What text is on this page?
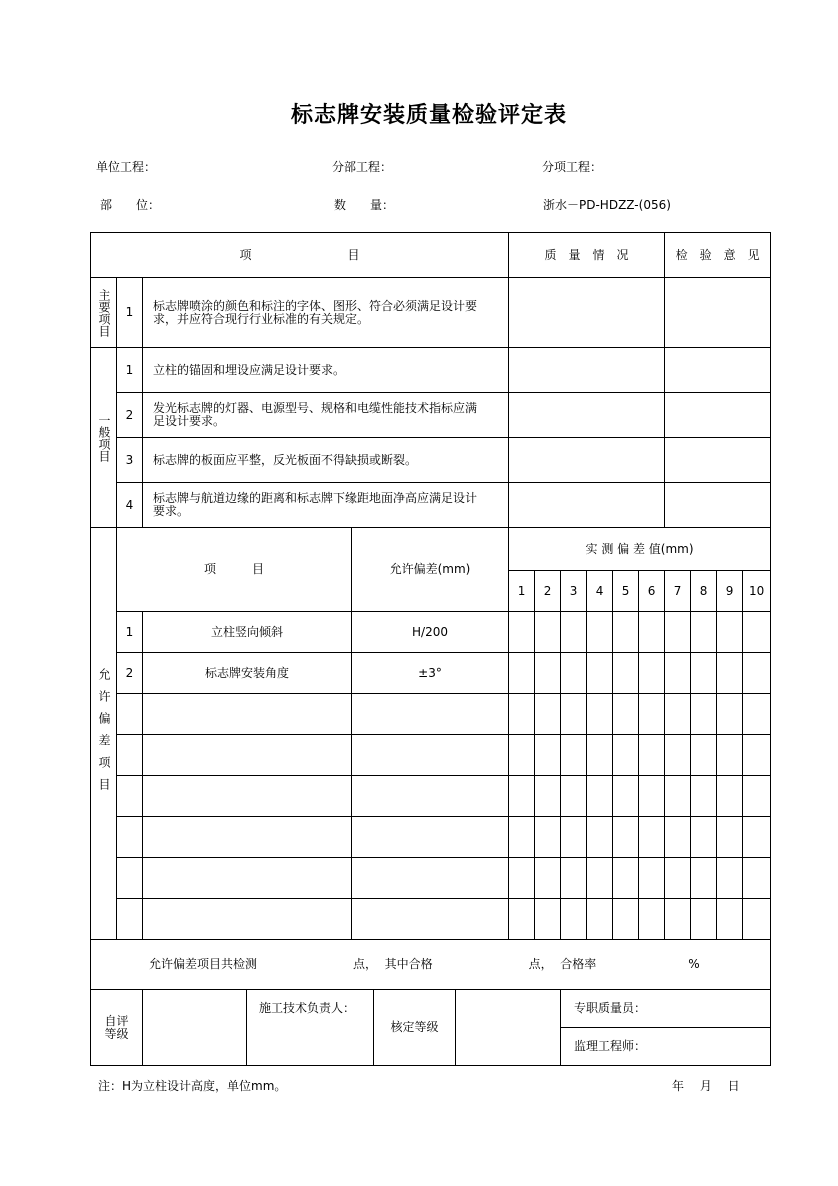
标志牌安装质量检验评定表
单位工程：	分部工程：	分项工程：
部　　位：	数　　量：	浙水－PD-HDZZ-(056)
项　　　　　　　　目				质　量　情　况						检　验　意　见			

主要项目	1	标志牌喷涂的颜色和标注的字体、图形、符合必须满足设计要求，并应符合现行行业标准的有关规定。											

一般项目	1	立柱的锚固和埋设应满足设计要求。											
	2	发光标志牌的灯器、电源型号、规格和电缆性能技术指标应满足设计要求。											
	3	标志牌的板面应平整，反光板面不得缺损或断裂。											
	4	标志牌与航道边缘的距离和标志牌下缘距地面净高应满足设计要求。											

允许偏差项目	项　　　目		允许偏差(mm)	实 测 偏 差 值(mm)									
				1	2	3	4	5	6	7	8	9	10
	1	立柱竖向倾斜	H/200										
	2	标志牌安装角度	±3°										

允许偏差项目共检测 点，  其中合格 点，  合格率 %													
自评等级		施工技术负责人：	核定等级		专职质量员：
监理工程师：
注：H为立柱设计高度，单位mm。	年　 月　 日
